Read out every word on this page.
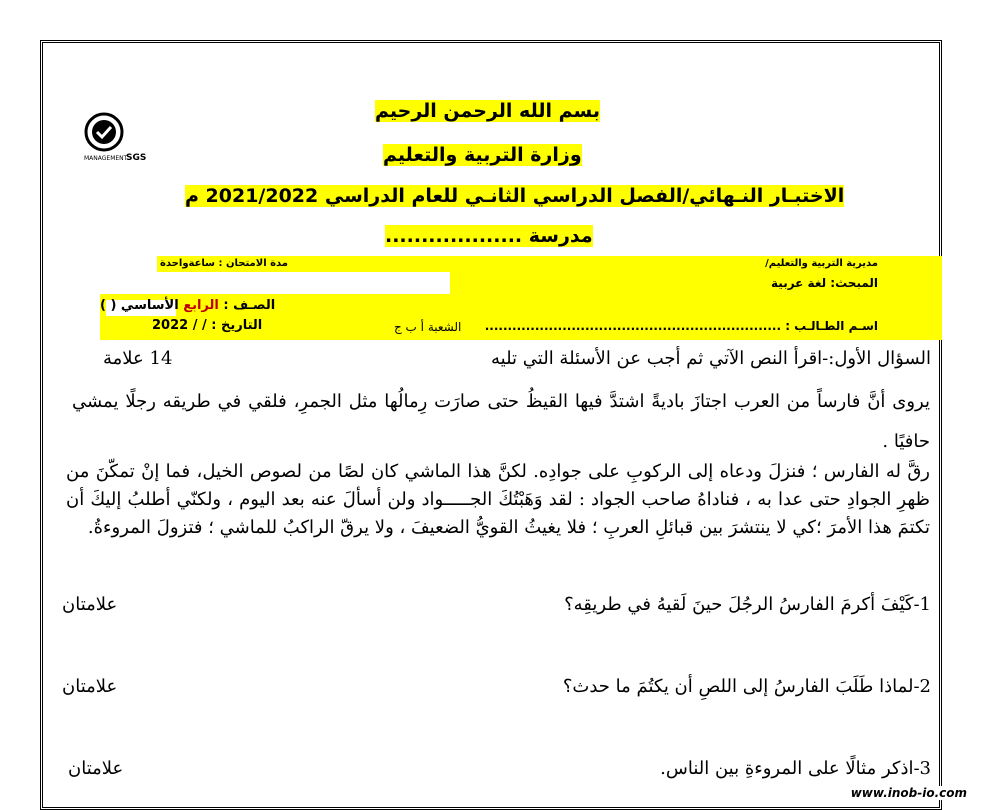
MANAGEMENT
SGS
بسم الله الرحمن الرحيم
وزارة التربية والتعليم
الاختبـار النـهائي/الفصل الدراسي الثانـي للعام الدراسي 2021/2022 م
مدرسة ...................
مديرية التربية والتعليم/
المبحث: لغة عربية
مدة الامتحان : ساعةواحدة
الصـف : الرابع الأساسي ( )
التاريخ : / / 2022	الشعبة أ ب ج اسـم الطـالـب : .................................................................
السؤال الأول:-اقرأ النص الآتي ثم أجب عن الأسئلة التي تليه
14 علامة
يروى أنَّ فارساً من العرب اجتازَ باديةً اشتدَّ فيها القيظُ حتى صارَت رِمالُها مثل الجمرِ، فلقي في طريقه رجلًا يمشي حافيًا .
رقَّ له الفارس ؛ فنزلَ ودعاه إلى الركوبِ على جوادِه. لكنَّ هذا الماشي كان لصًا من لصوص الخيل، فما إنْ تمكّنَ من ظهرِ الجوادِ حتى عدا به ، فناداهُ صاحب الجواد : لقد وَهَبْتُكَ الجـــــواد ولن أسألَ عنه بعد اليوم ، ولكنّي أطلبُ إليكَ أن تكتمَ هذا الأمرَ ؛كي لا ينتشرَ بين قبائلِ العربِ ؛ فلا يغيثُ القويُّ الضعيفَ ، ولا يرقّ الراكبُ للماشي ؛ فتزولَ المروءةُ.
1-كَيْفَ أكرمَ الفارسُ الرجُلَ حينَ لَقيهُ في طريقِه؟
علامتان
2-لماذا طَلَبَ الفارسُ إلى اللصِ أن يكتُمَ ما حدث؟
علامتان
3-اذكر مثالًا على المروءةِ بين الناس.
علامتان
www.inob-io.com
